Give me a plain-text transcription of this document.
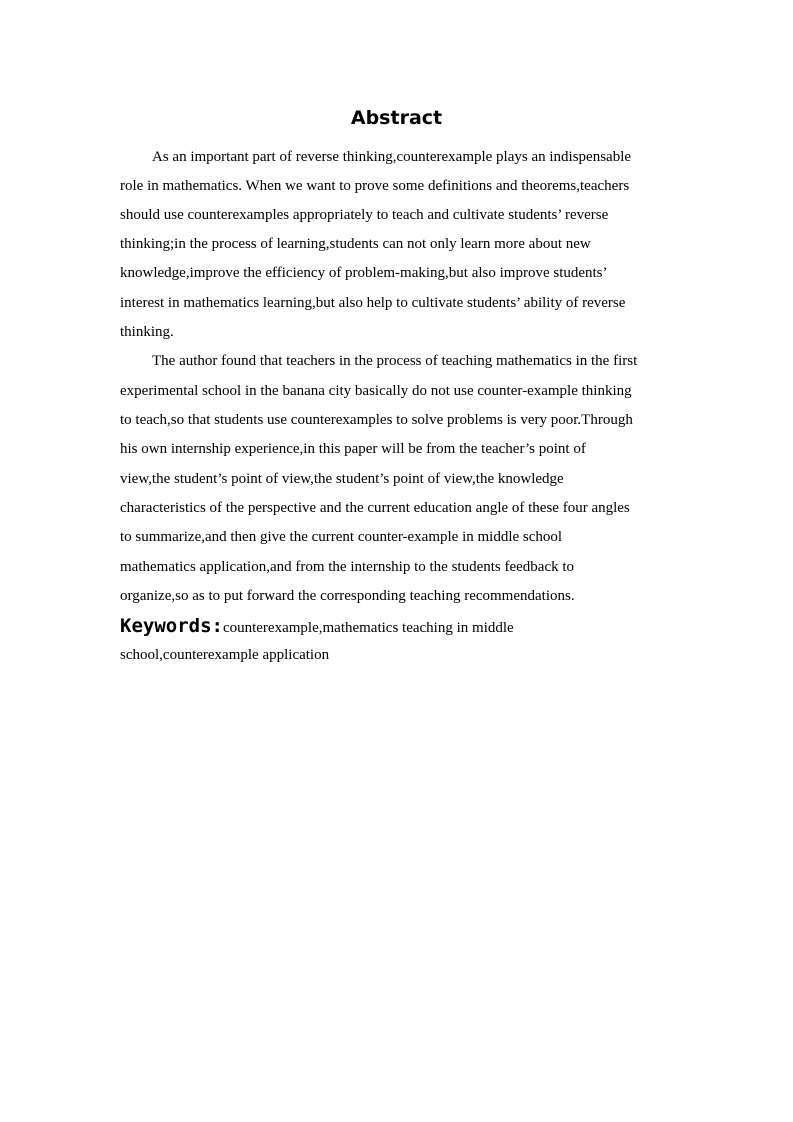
Abstract

As an important part of reverse thinking,counterexample plays an indispensable

role in mathematics. When we want to prove some definitions and theorems,teachers

should use counterexamples appropriately to teach and cultivate students’ reverse

thinking;in the process of learning,students can not only learn more about new

knowledge,improve the efficiency of problem-making,but also improve students’

interest in mathematics learning,but also help to cultivate students’ ability of reverse

thinking.

The author found that teachers in the process of teaching mathematics in the first

experimental school in the banana city basically do not use counter-example thinking

to teach,so that students use counterexamples to solve problems is very poor.Through

his own internship experience,in this paper will be from the teacher’s point of

view,the student’s point of view,the student’s point of view,the knowledge

characteristics of the perspective and the current education angle of these four angles

to summarize,and then give the current counter-example in middle school

mathematics application,and from the internship to the students feedback to

organize,so as to put forward the corresponding teaching recommendations.

Keywords:counterexample,mathematics teaching in middle

school,counterexample application
